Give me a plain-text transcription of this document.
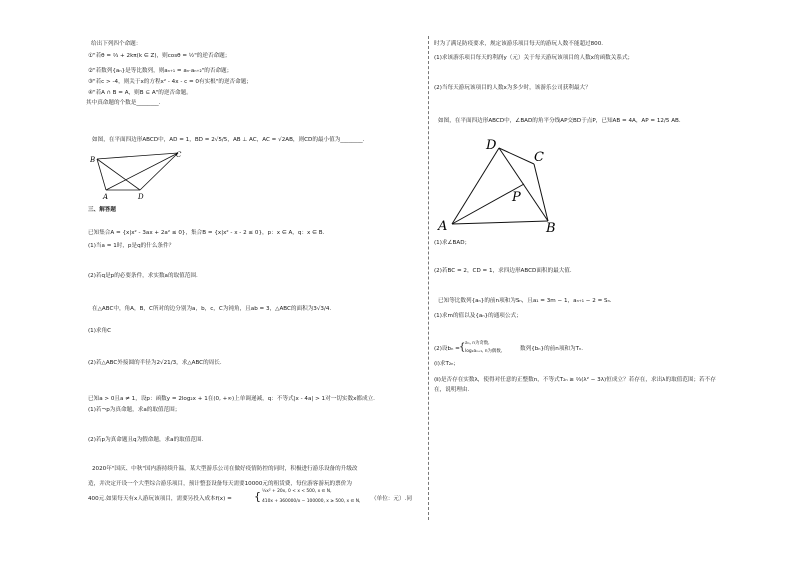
给出下列四个命题：
①"若θ = ⅔ + 2kπ(k ∈ Z)，则cosθ = ½"的逆否命题；
②"若数列{aₙ}是等比数列，则aₙ₊₁ = aₙ·aₙ₊₂"的否命题；
③"若c > -4，则关于x的方程x² - 4x - c = 0有实根"的逆否命题；
④"若A ∩ B = A，则B ⊆ A"的逆否命题。
其中真命题的个数是________.
如图，在平面四边形ABCD中，AD = 1，BD = 2√5/5，AB ⊥ AC，AC = √2AB，则CD的最小值为________.
B
C
A	D
三、解答题
已知集合A = {x|x² - 3ax + 2a² ≤ 0}，集合B = {x|x² - x - 2 ≤ 0}，p：x ∈ A，q：x ∈ B.
(1)当a = 1时，p是q的什么条件？
(2)若q是p的必要条件，求实数a的取值范围.
在△ABC中，角A，B，C所对的边分别为a，b，c，C为钝角，且ab = 3，△ABC的面积为3√3/4.
(1)求角C
(2)若△ABC外接圆的半径为2√21/3，求△ABC的周长.
已知a > 0且a ≠ 1，设p：函数y = 2log₂x + 1在(0, +∞)上单调递减，q：不等式|x - 4a| > 1对一切实数x都成立.
(1)若¬p为真命题，求a的取值范围；
(2)若p为真命题且q为假命题，求a的取值范围.
2020年"国庆、中秋"国内游持续升温，某大型游乐公司在做好疫情防控的同时，积极进行游乐设备的升级改
造，并决定开设一个大型综合游乐项目，预计整套设备每天需要10000元的租赁费，每位游客游玩的票价为
400元.如果每天有x人游玩该项目，需要另投入成本f(x) = { ½x² + 20x, 0 < x < 500, x ∈ N,
410x + 360000/x − 100000, x ≥ 500, x ∈ N, （单位：元）.同
时为了满足防疫要求，规定该游乐项目每天的游玩人数不能超过800.
(1)求该游乐项目每天的利润y（元）关于每天游玩该项目的人数x的函数关系式；
(2)当每天游玩该项目的人数x为多少时，该游乐公司获利最大？
如图，在平面四边形ABCD中，∠BAD的角平分线AP交BD于点P，已知AB = 4A，AP = 12/5 AB.
D
C
P
A	B
(1)求∠BAD；
(2)若BC = 2，CD = 1，求四边形ABCD面积的最大值.
已知等比数列{aₙ}的前n项和为Sₙ，且a₁ = 3m − 1，aₙ₊₁ − 2 = Sₙ.
(1)求m的值以及{aₙ}的通项公式；
(2)设bₙ = { aₙ, n为奇数,
log₂aₙ₊₁, n为偶数,	数列{bₙ}的前n项和为Tₙ.
(ⅰ)求T₂ₙ；
(ⅱ)是否存在实数λ，使得对任意的正整数n，不等式T₂ₙ ≥ ⅔(λ² − 3λ)恒成立？若存在，求出λ的取值范围；若不存
在，说明理由.
